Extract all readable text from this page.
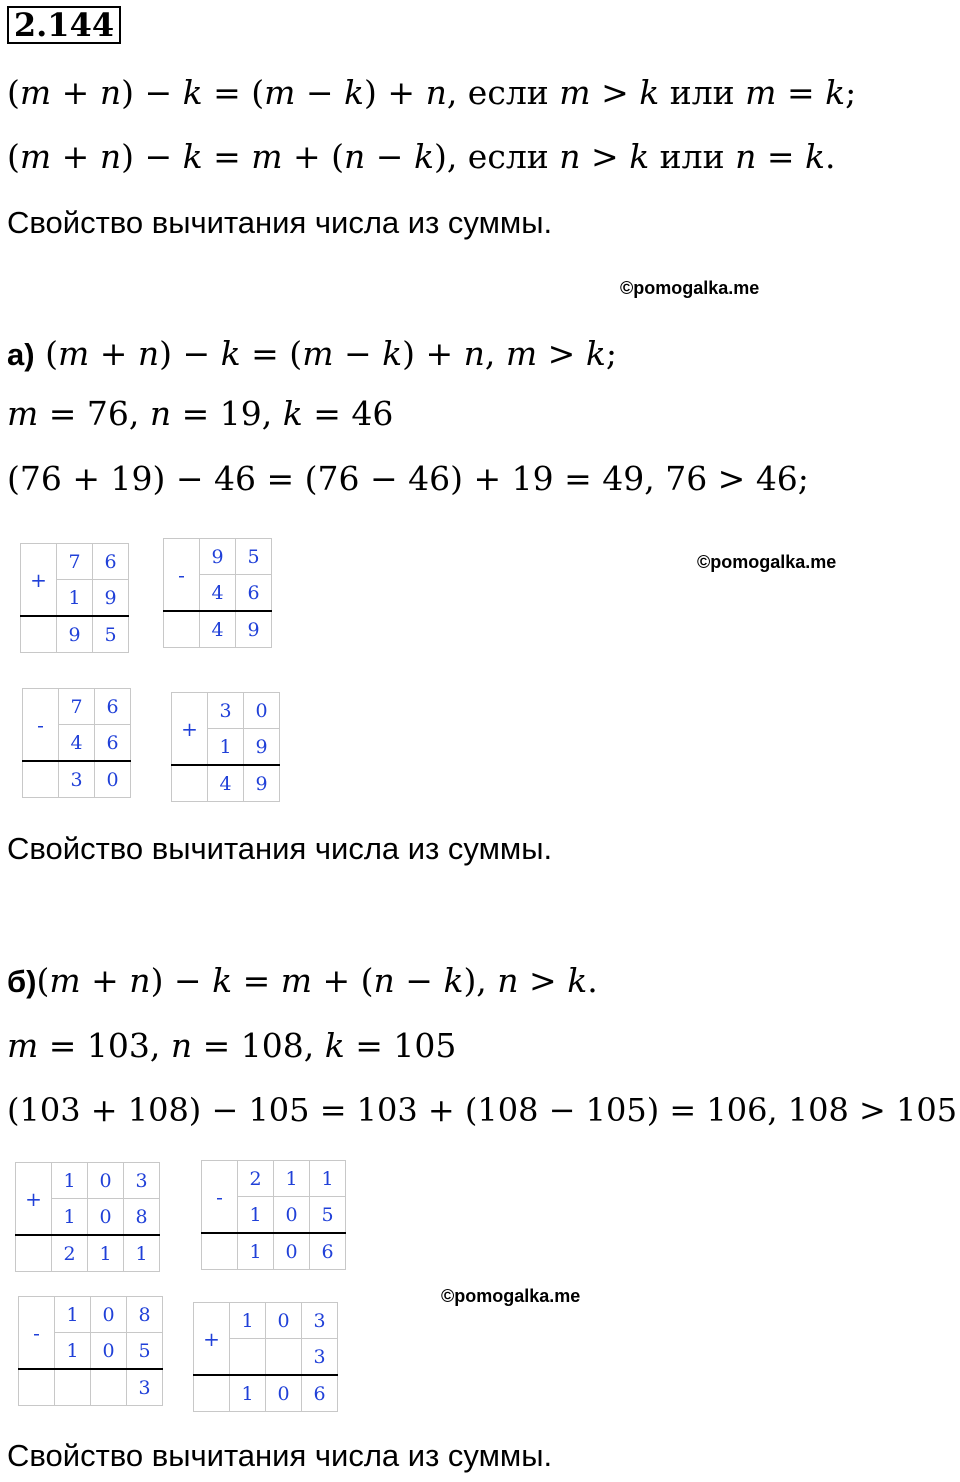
2.144
(m + n) − k = (m − k) + n, если m > k или m = k;
(m + n) − k = m + (n − k), если n > k или n = k.
Свойство вычитания числа из суммы.
©pomogalka.me
а) (m + n) − k = (m − k) + n, m > k;
m = 76, n = 19, k = 46
(76 + 19) − 46 = (76 − 46) + 19 = 49, 76 > 46;
©pomogalka.me
+	7	6
	1	9
	9	5
-	9	5
	4	6
	4	9
-	7	6
	4	6
	3	0
+	3	0
	1	9
	4	9
Свойство вычитания числа из суммы.
б)(m + n) − k = m + (n − k), n > k.
m = 103, n = 108, k = 105
(103 + 108) − 105 = 103 + (108 − 105) = 106, 108 > 105
+	1	0	3
	1	0	8
	2	1	1
-	2	1	1
	1	0	5
	1	0	6
-	1	0	8
	1	0	5
			3
+	1	0	3
			3
	1	0	6
©pomogalka.me
Свойство вычитания числа из суммы.
